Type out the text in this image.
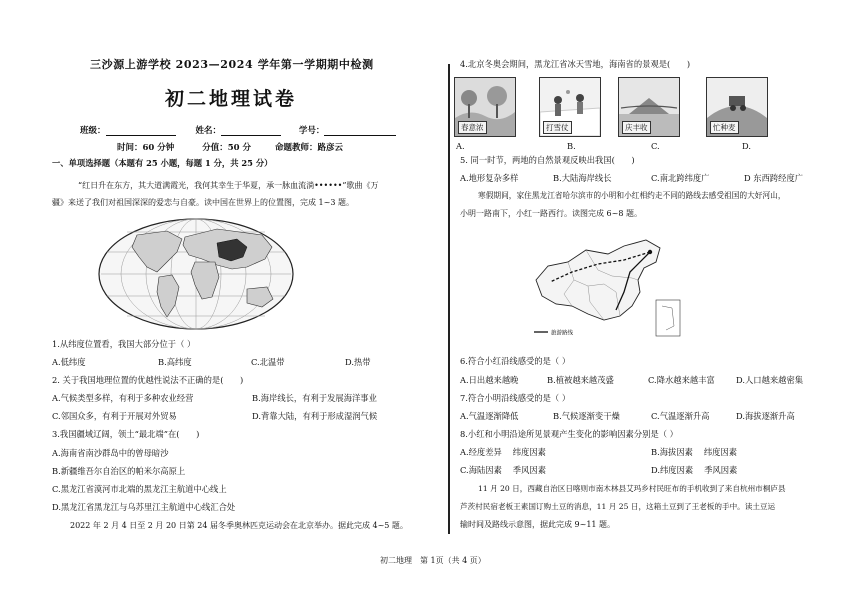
三沙源上游学校 2023—2024 学年第一学期期中检测
初二地理试卷
班级：	姓名：	学号：
时间：60 分钟	分值：50 分	命题教师：路彦云
一、单项选择题（本题有 25 小题，每题 1 分，共 25 分）
“红日升在东方，其大道满霞光，我何其幸生于华夏，承一脉血流淌••••••”歌曲《万
疆》来送了我们对祖国深深的爱恋与自豪。读中国在世界上的位置图，完成 1~3 题。
1.从纬度位置看，我国大部分位于（ ）
A.低纬度	B.高纬度	C.北温带	D.热带
2. 关于我国地理位置的优越性说法不正确的是(　　)
A.气候类型多样，有利于多种农业经营	B.海岸线长，有利于发展海洋事业
C.邻国众多，有利于开展对外贸易	D.背靠大陆，有利于形成湿润气候
3.我国疆域辽阔，领土“最北端”在(　　)
A.海南省南沙群岛中的曾母暗沙
B.新疆维吾尔自治区的帕米尔高原上
C.黑龙江省漠河市北端的黑龙江主航道中心线上
D.黑龙江省黑龙江与乌苏里江主航道中心线汇合处
2022 年 2 月 4 日至 2 月 20 日第 24 届冬季奥林匹克运动会在北京举办。据此完成 4~5 题。
4.北京冬奥会期间，黑龙江省冰天雪地，海南省的景观是(　　)
春意浓	打雪仗	庆丰收	忙种麦
A.	B.	C.	D.
5. 同一时节，两地的自然景观反映出我国(　　)
A.地形复杂多样	B.大陆海岸线长	C.南北跨纬度广	D 东西跨经度广
寒假期间，家住黑龙江省哈尔滨市的小明和小红相约走不同的路线去感受祖国的大好河山，
小明一路南下，小红一路西行。读图完成 6~8 题。
旅游路线
6.符合小红沿线感受的是（ ）
A.日出越来越晚	B.植被越来越茂盛	C.降水越来越丰富	D.人口越来越密集
7.符合小明沿线感受的是（ ）
A.气温逐渐降低	B.气候逐渐变干燥	C.气温逐渐升高	D.海拔逐渐升高
8.小红和小明沿途所见景观产生变化的影响因素分别是（ ）
A.经度差异　 纬度因素	B.海拔因素　 纬度因素
C.海陆因素　 季风因素	D.纬度因素　 季风因素
11 月 20 日，西藏自治区日喀则市南木林县艾玛乡村民旺布的手机收到了来自杭州市桐庐县
芦茨村民宿老板王素国订购土豆的消息，11 月 25 日，这箱土豆到了王老板的手中。读土豆运
输时间及路线示意图，据此完成 9~11 题。
初二地理　第 1页（共 4 页）
